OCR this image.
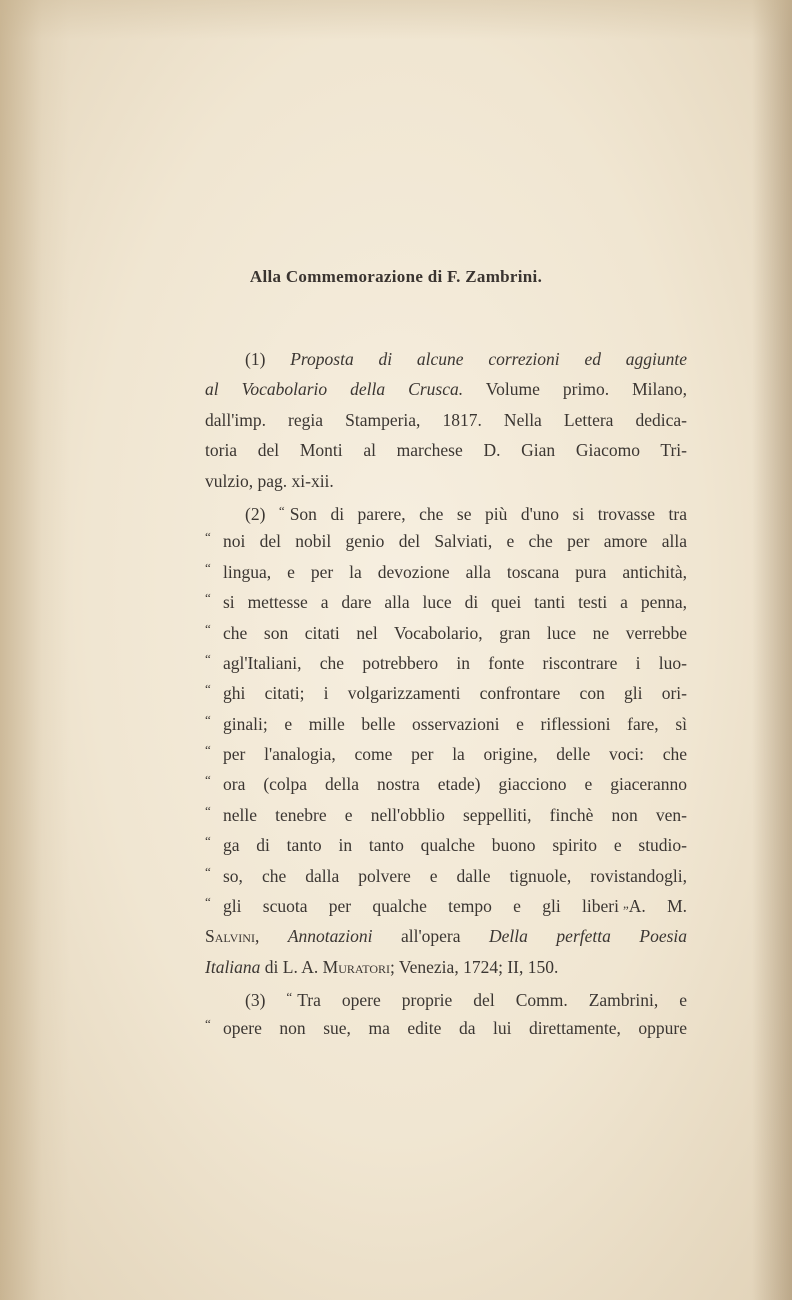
Alla Commemorazione di F. Zambrini.
(1) Proposta di alcune correzioni ed aggiunte
al Vocabolario della Crusca. Volume primo. Milano,
dall'imp. regia Stamperia, 1817. Nella Lettera dedica-
toria del Monti al marchese D. Gian Giacomo Tri-
vulzio, pag. xi-xii.
(2) “ Son di parere, che se più d'uno si trovasse tra
“ noi del nobil genio del Salviati, e che per amore alla
“ lingua, e per la devozione alla toscana pura antichità,
“ si mettesse a dare alla luce di quei tanti testi a penna,
“ che son citati nel Vocabolario, gran luce ne verrebbe
“ agl'Italiani, che potrebbero in fonte riscontrare i luo-
“ ghi citati; i volgarizzamenti confrontare con gli ori-
“ ginali; e mille belle osservazioni e riflessioni fare, sì
“ per l'analogia, come per la origine, delle voci: che
“ ora (colpa della nostra etade) giacciono e giaceranno
“ nelle tenebre e nell'obblio seppelliti, finchè non ven-
“ ga di tanto in tanto qualche buono spirito e studio-
“ so, che dalla polvere e dalle tignuole, rovistandogli,
“ gli scuota per qualche tempo e gli liberi ”A. M.
Salvini, Annotazioni all'opera Della perfetta Poesia
Italiana di L. A. Muratori; Venezia, 1724; II, 150.
(3) “ Tra opere proprie del Comm. Zambrini, e
“ opere non sue, ma edite da lui direttamente, oppure
